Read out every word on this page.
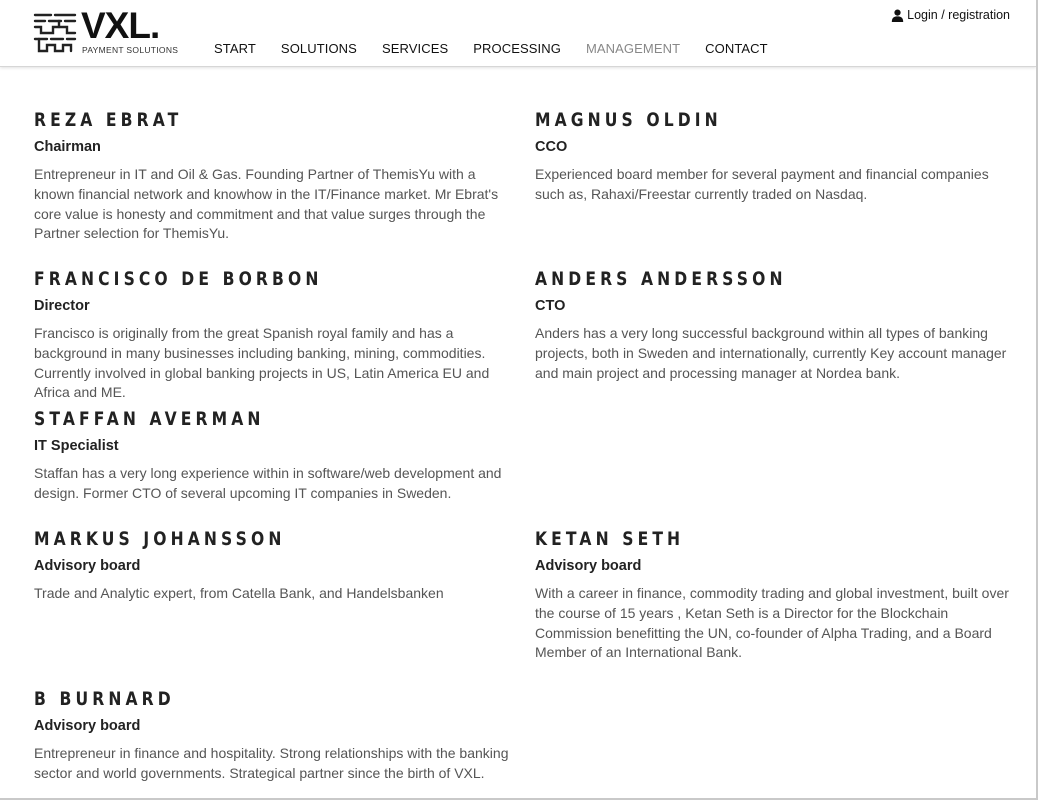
VXL.
PAYMENT SOLUTIONS	START SOLUTIONS SERVICES PROCESSING MANAGEMENT CONTACT
Login / registration
REZA EBRAT
Chairman

Entrepreneur in IT and Oil & Gas. Founding Partner of ThemisYu with a known financial network and knowhow in the IT/Finance market. Mr Ebrat's core value is honesty and commitment and that value surges through the Partner selection for ThemisYu.

MAGNUS OLDIN
CCO

Experienced board member for several payment and financial companies such as, Rahaxi/Freestar currently traded on Nasdaq.

FRANCISCO DE BORBON
Director

Francisco is originally from the great Spanish royal family and has a background in many businesses including banking, mining, commodities. Currently involved in global banking projects in US, Latin America EU and Africa and ME.

ANDERS ANDERSSON
CTO

Anders has a very long successful background within all types of banking projects, both in Sweden and internationally, currently Key account manager and main project and processing manager at Nordea bank.

STAFFAN AVERMAN
IT Specialist

Staffan has a very long experience within in software/web development and design. Former CTO of several upcoming IT companies in Sweden.

MARKUS JOHANSSON
Advisory board

Trade and Analytic expert, from Catella Bank, and Handelsbanken

KETAN SETH
Advisory board

With a career in finance, commodity trading and global investment, built over the course of 15 years , Ketan Seth is a Director for the Blockchain Commission benefitting the UN, co-founder of Alpha Trading, and a Board Member of an International Bank.

B BURNARD
Advisory board

Entrepreneur in finance and hospitality. Strong relationships with the banking sector and world governments. Strategical partner since the birth of VXL.
